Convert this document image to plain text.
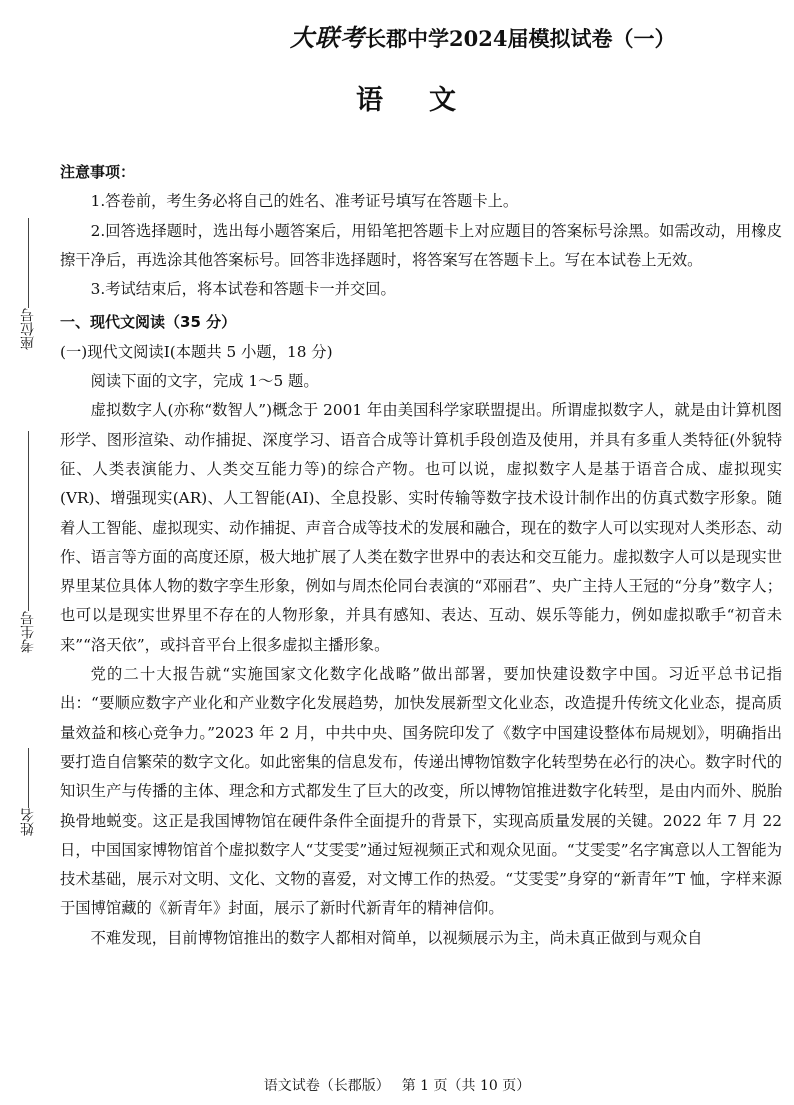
大联考长郡中学2024届模拟试卷（一）
语文
座位号
考生号
姓名

注意事项：

1.答卷前，考生务必将自己的姓名、准考证号填写在答题卡上。

2.回答选择题时，选出每小题答案后，用铅笔把答题卡上对应题目的答案标号涂黑。如需改动，用橡皮擦干净后，再选涂其他答案标号。回答非选择题时，将答案写在答题卡上。写在本试卷上无效。

3.考试结束后，将本试卷和答题卡一并交回。

一、现代文阅读（35 分）

(一)现代文阅读Ⅰ(本题共 5 小题，18 分)

阅读下面的文字，完成 1～5 题。

虚拟数字人(亦称“数智人”)概念于 2001 年由美国科学家联盟提出。所谓虚拟数字人，就是由计算机图形学、图形渲染、动作捕捉、深度学习、语音合成等计算机手段创造及使用，并具有多重人类特征(外貌特征、人类表演能力、人类交互能力等)的综合产物。也可以说，虚拟数字人是基于语音合成、虚拟现实(VR)、增强现实(AR)、人工智能(AI)、全息投影、实时传输等数字技术设计制作出的仿真式数字形象。随着人工智能、虚拟现实、动作捕捉、声音合成等技术的发展和融合，现在的数字人可以实现对人类形态、动作、语言等方面的高度还原，极大地扩展了人类在数字世界中的表达和交互能力。虚拟数字人可以是现实世界里某位具体人物的数字孪生形象，例如与周杰伦同台表演的“邓丽君”、央广主持人王冠的“分身”数字人；也可以是现实世界里不存在的人物形象，并具有感知、表达、互动、娱乐等能力，例如虚拟歌手“初音未来”“洛天依”，或抖音平台上很多虚拟主播形象。

党的二十大报告就“实施国家文化数字化战略”做出部署，要加快建设数字中国。习近平总书记指出：“要顺应数字产业化和产业数字化发展趋势，加快发展新型文化业态，改造提升传统文化业态，提高质量效益和核心竞争力。”2023 年 2 月，中共中央、国务院印发了《数字中国建设整体布局规划》，明确指出要打造自信繁荣的数字文化。如此密集的信息发布，传递出博物馆数字化转型势在必行的决心。数字时代的知识生产与传播的主体、理念和方式都发生了巨大的改变，所以博物馆推进数字化转型，是由内而外、脱胎换骨地蜕变。这正是我国博物馆在硬件条件全面提升的背景下，实现高质量发展的关键。2022 年 7 月 22 日，中国国家博物馆首个虚拟数字人“艾雯雯”通过短视频正式和观众见面。“艾雯雯”名字寓意以人工智能为技术基础，展示对文明、文化、文物的喜爱，对文博工作的热爱。“艾雯雯”身穿的“新青年”T 恤，字样来源于国博馆藏的《新青年》封面，展示了新时代新青年的精神信仰。

不难发现，目前博物馆推出的数字人都相对简单，以视频展示为主，尚未真正做到与观众自

语文试卷（长郡版） 第 1 页（共 10 页）
